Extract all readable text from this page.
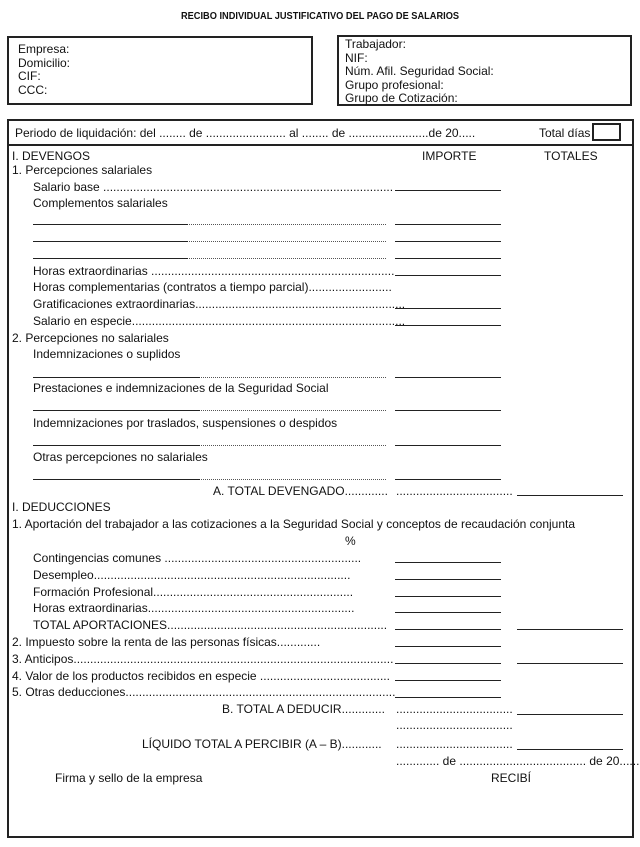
RECIBO INDIVIDUAL JUSTIFICATIVO DEL PAGO DE SALARIOS
Empresa:
Domicilio:
CIF:
CCC:
Trabajador:
NIF:
Núm. Afil. Seguridad Social:
Grupo profesional:
Grupo de Cotización:
Periodo de liquidación: del ........ de ........................ al ........ de ........................de 20.....	Total días
I. DEVENGOS	IMPORTE	TOTALES
1. Percepciones salariales
Salario base .......................................................................................
Complementos salariales
Horas extraordinarias .........................................................................
Horas complementarias (contratos a tiempo parcial).........................
Gratificaciones extraordinarias...............................................................
Salario en especie..................................................................................
2. Percepciones no salariales
Indemnizaciones o suplidos
Prestaciones e indemnizaciones de la Seguridad Social
Indemnizaciones por traslados, suspensiones o despidos
Otras percepciones no salariales
A. TOTAL DEVENGADO............. ...................................
I. DEDUCCIONES
1. Aportación del trabajador a las cotizaciones a la Seguridad Social y conceptos de recaudación conjunta
%
Contingencias comunes ...........................................................
Desempleo.............................................................................
Formación Profesional............................................................
Horas extraordinarias..............................................................
TOTAL APORTACIONES..................................................................
2. Impuesto sobre la renta de las personas físicas.............
3. Anticipos................................................................................................
4. Valor de los productos recibidos en especie .......................................
5. Otras deducciones.................................................................................
B. TOTAL A DEDUCIR............. ...................................
...................................
LÍQUIDO TOTAL A PERCIBIR (A – B)............ ...................................
............. de ...................................... de 20......
Firma y sello de la empresa	RECIBÍ
